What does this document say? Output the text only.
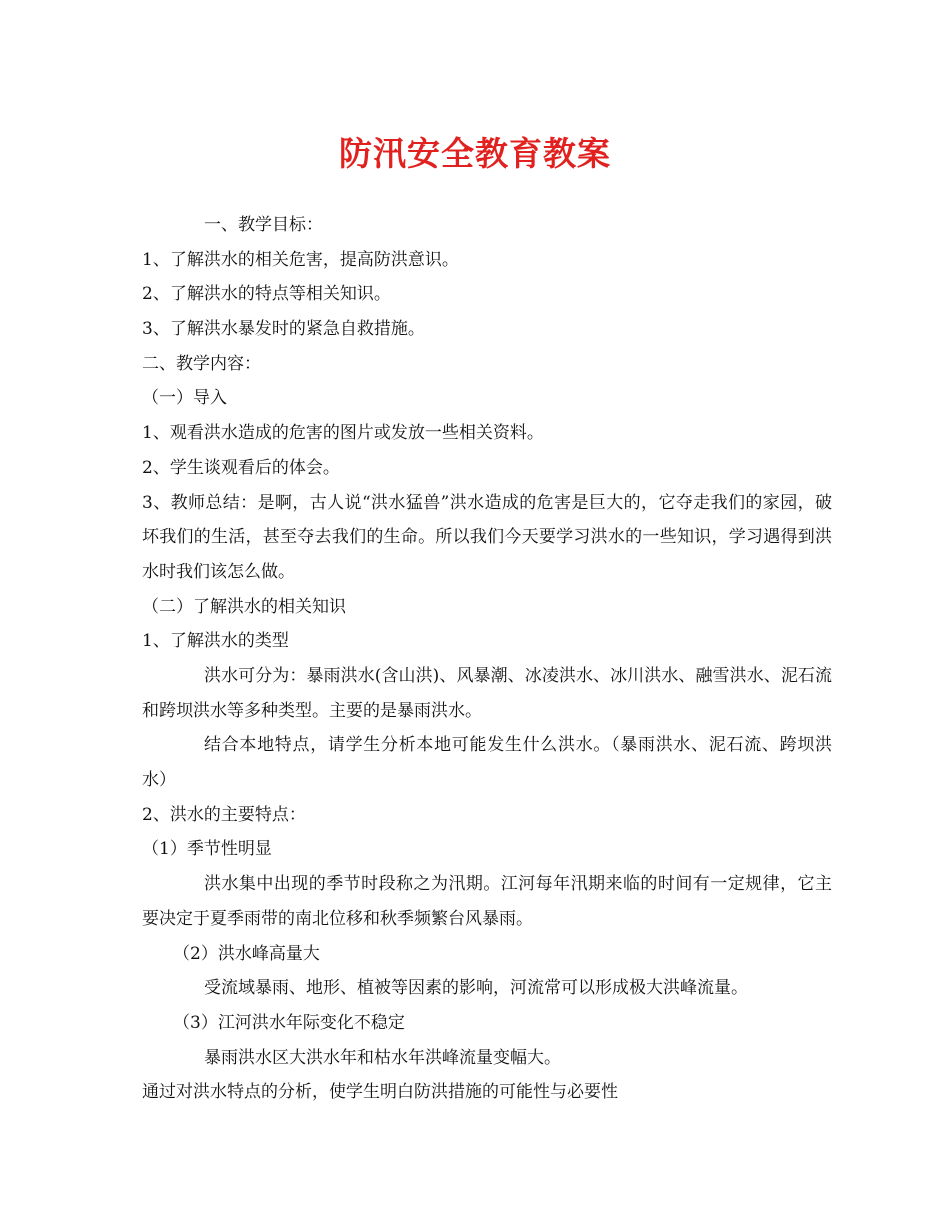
防汛安全教育教案
一、教学目标：
1、了解洪水的相关危害，提高防洪意识。
2、了解洪水的特点等相关知识。
3、了解洪水暴发时的紧急自救措施。
二、教学内容：
（一）导入
1、观看洪水造成的危害的图片或发放一些相关资料。
2、学生谈观看后的体会。
3、教师总结：是啊，古人说“洪水猛兽”洪水造成的危害是巨大的，它夺走我们的家园，破坏我们的生活，甚至夺去我们的生命。所以我们今天要学习洪水的一些知识，学习遇得到洪水时我们该怎么做。
（二）了解洪水的相关知识
1、了解洪水的类型
洪水可分为：暴雨洪水(含山洪)、风暴潮、冰凌洪水、冰川洪水、融雪洪水、泥石流和跨坝洪水等多种类型。主要的是暴雨洪水。
结合本地特点，请学生分析本地可能发生什么洪水。（暴雨洪水、泥石流、跨坝洪水）
2、洪水的主要特点：
（1）季节性明显
洪水集中出现的季节时段称之为汛期。江河每年汛期来临的时间有一定规律，它主要决定于夏季雨带的南北位移和秋季频繁台风暴雨。
（2）洪水峰高量大
受流域暴雨、地形、植被等因素的影响，河流常可以形成极大洪峰流量。
（3）江河洪水年际变化不稳定
暴雨洪水区大洪水年和枯水年洪峰流量变幅大。
通过对洪水特点的分析，使学生明白防洪措施的可能性与必要性
